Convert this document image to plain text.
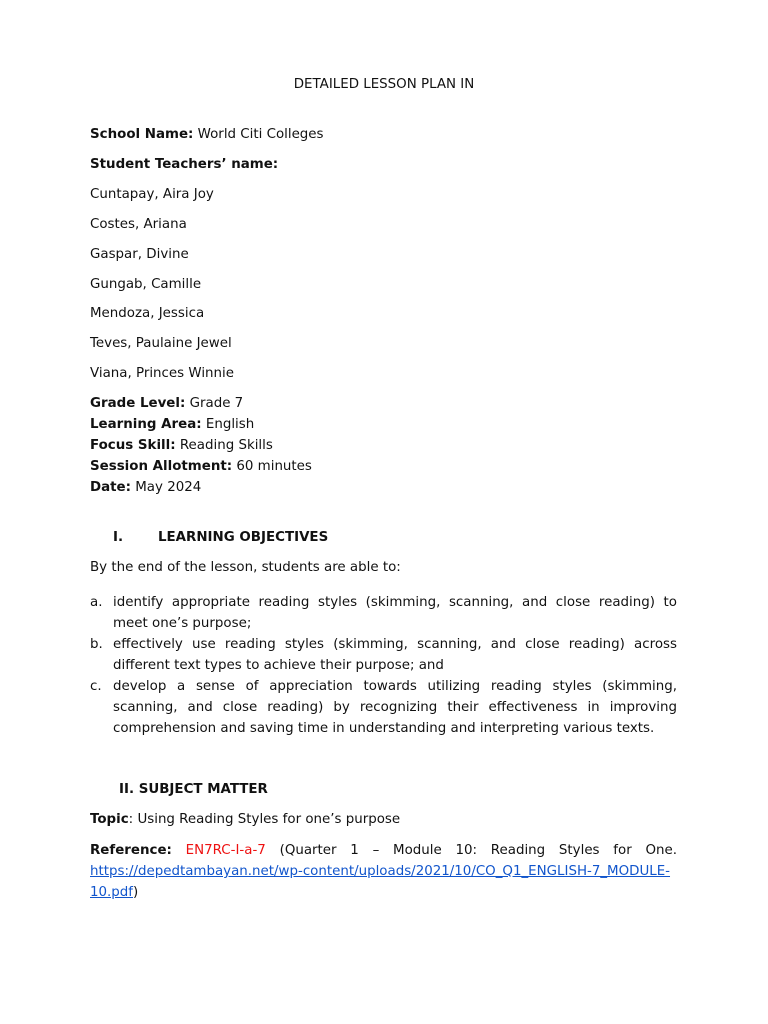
DETAILED LESSON PLAN IN
School Name: World Citi Colleges
Student Teachers’ name:
Cuntapay, Aira Joy
Costes, Ariana
Gaspar, Divine
Gungab, Camille
Mendoza, Jessica
Teves, Paulaine Jewel
Viana, Princes Winnie
Grade Level: Grade 7
Learning Area: English
Focus Skill: Reading Skills
Session Allotment: 60 minutes
Date: May 2024
I.	LEARNING OBJECTIVES
By the end of the lesson, students are able to:
a. identify appropriate reading styles (skimming, scanning, and close reading) to meet one’s purpose;
b. effectively use reading styles (skimming, scanning, and close reading) across different text types to achieve their purpose; and
c. develop a sense of appreciation towards utilizing reading styles (skimming, scanning, and close reading) by recognizing their effectiveness in improving comprehension and saving time in understanding and interpreting various texts.
II. SUBJECT MATTER
Topic: Using Reading Styles for one’s purpose
Reference: EN7RC-I-a-7 (Quarter 1 – Module 10: Reading Styles for One. https://depedtambayan.net/wp-content/uploads/2021/10/CO_Q1_ENGLISH-7_MODULE-10.pdf)
